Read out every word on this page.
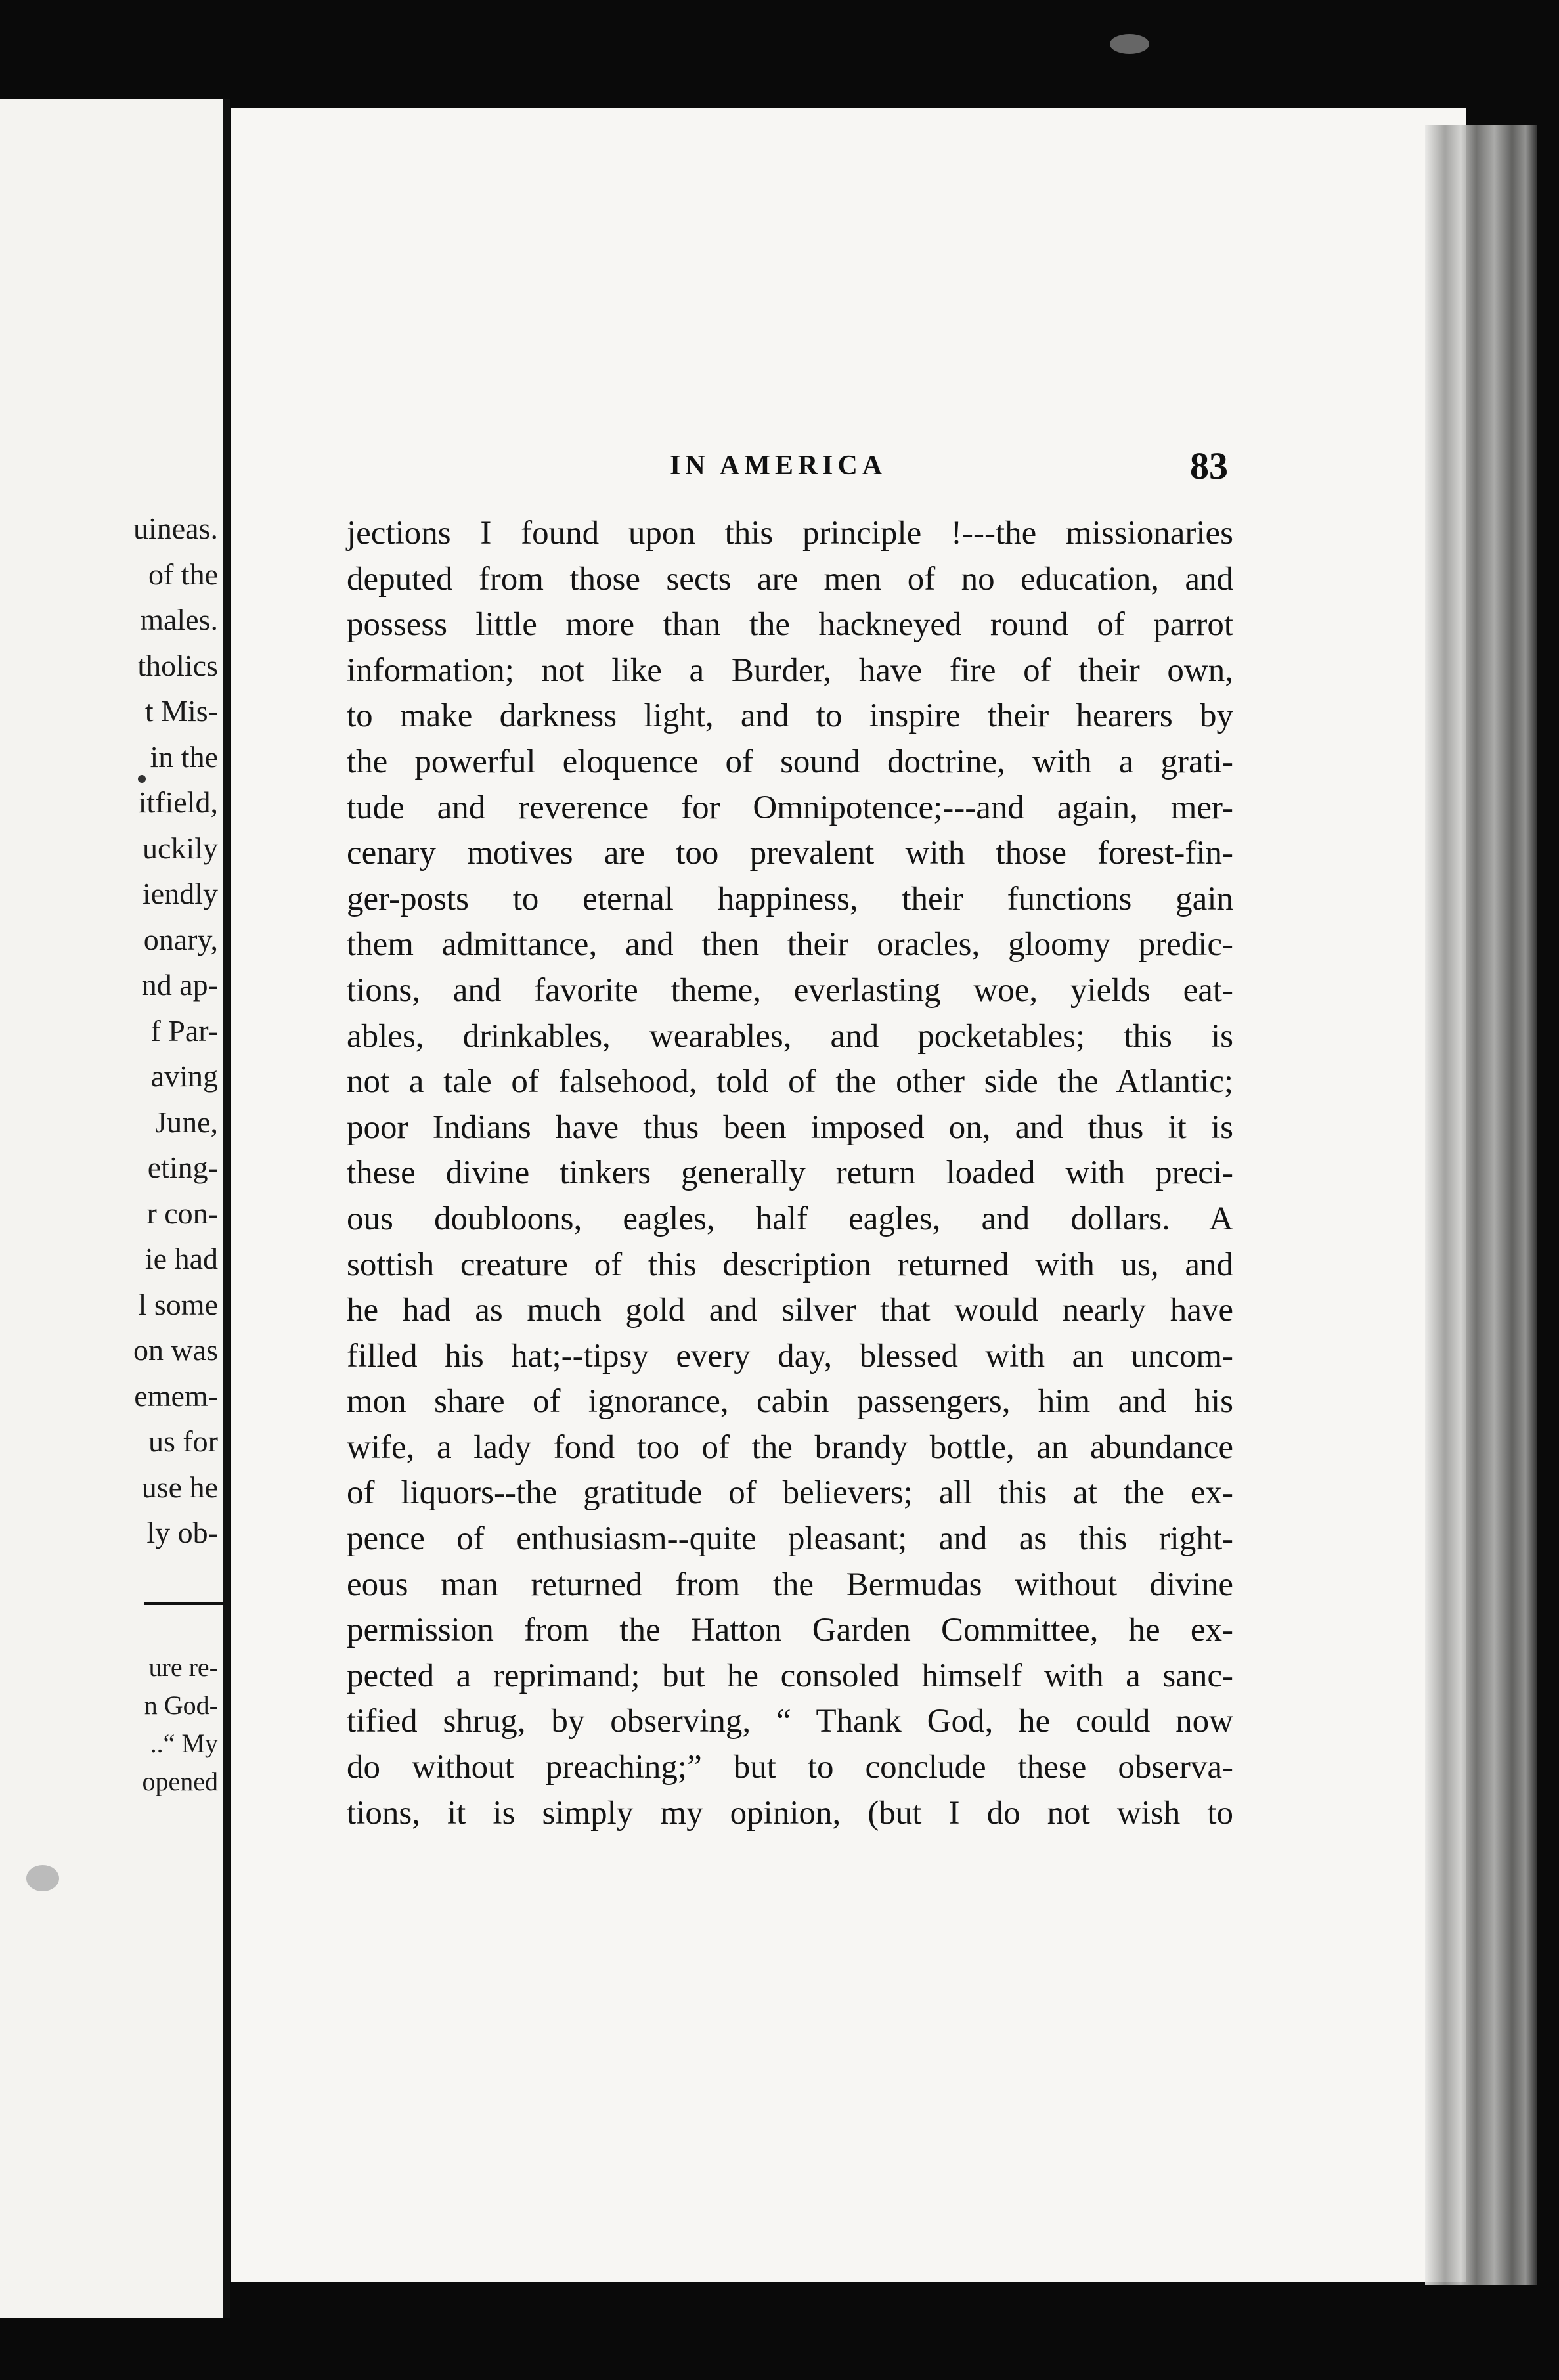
uineas.
of the
males.
tholics
t Mis-
in the
itfield,
uckily
iendly
onary,
nd ap-
f Par-
aving
June,
eting-
r con-
ie had
l some
on was
emem-
us for
use he
ly ob-
ure re-
n God-
..“ My
opened
IN AMERICA	83
jections I found upon this principle !---the missionaries
deputed from those sects are men of no education, and
possess little more than the hackneyed round of parrot
information; not like a Burder, have fire of their own,
to make darkness light, and to inspire their hearers by
the powerful eloquence of sound doctrine, with a grati-
tude and reverence for Omnipotence;---and again, mer-
cenary motives are too prevalent with those forest-fin-
ger-posts to eternal happiness, their functions gain
them admittance, and then their oracles, gloomy predic-
tions, and favorite theme, everlasting woe, yields eat-
ables, drinkables, wearables, and pocketables; this is
not a tale of falsehood, told of the other side the Atlantic;
poor Indians have thus been imposed on, and thus it is
these divine tinkers generally return loaded with preci-
ous doubloons, eagles, half eagles, and dollars. A
sottish creature of this description returned with us, and
he had as much gold and silver that would nearly have
filled his hat;--tipsy every day, blessed with an uncom-
mon share of ignorance, cabin passengers, him and his
wife, a lady fond too of the brandy bottle, an abundance
of liquors--the gratitude of believers; all this at the ex-
pence of enthusiasm--quite pleasant; and as this right-
eous man returned from the Bermudas without divine
permission from the Hatton Garden Committee, he ex-
pected a reprimand; but he consoled himself with a sanc-
tified shrug, by observing, “ Thank God, he could now
do without preaching;” but to conclude these observa-
tions, it is simply my opinion, (but I do not wish to
